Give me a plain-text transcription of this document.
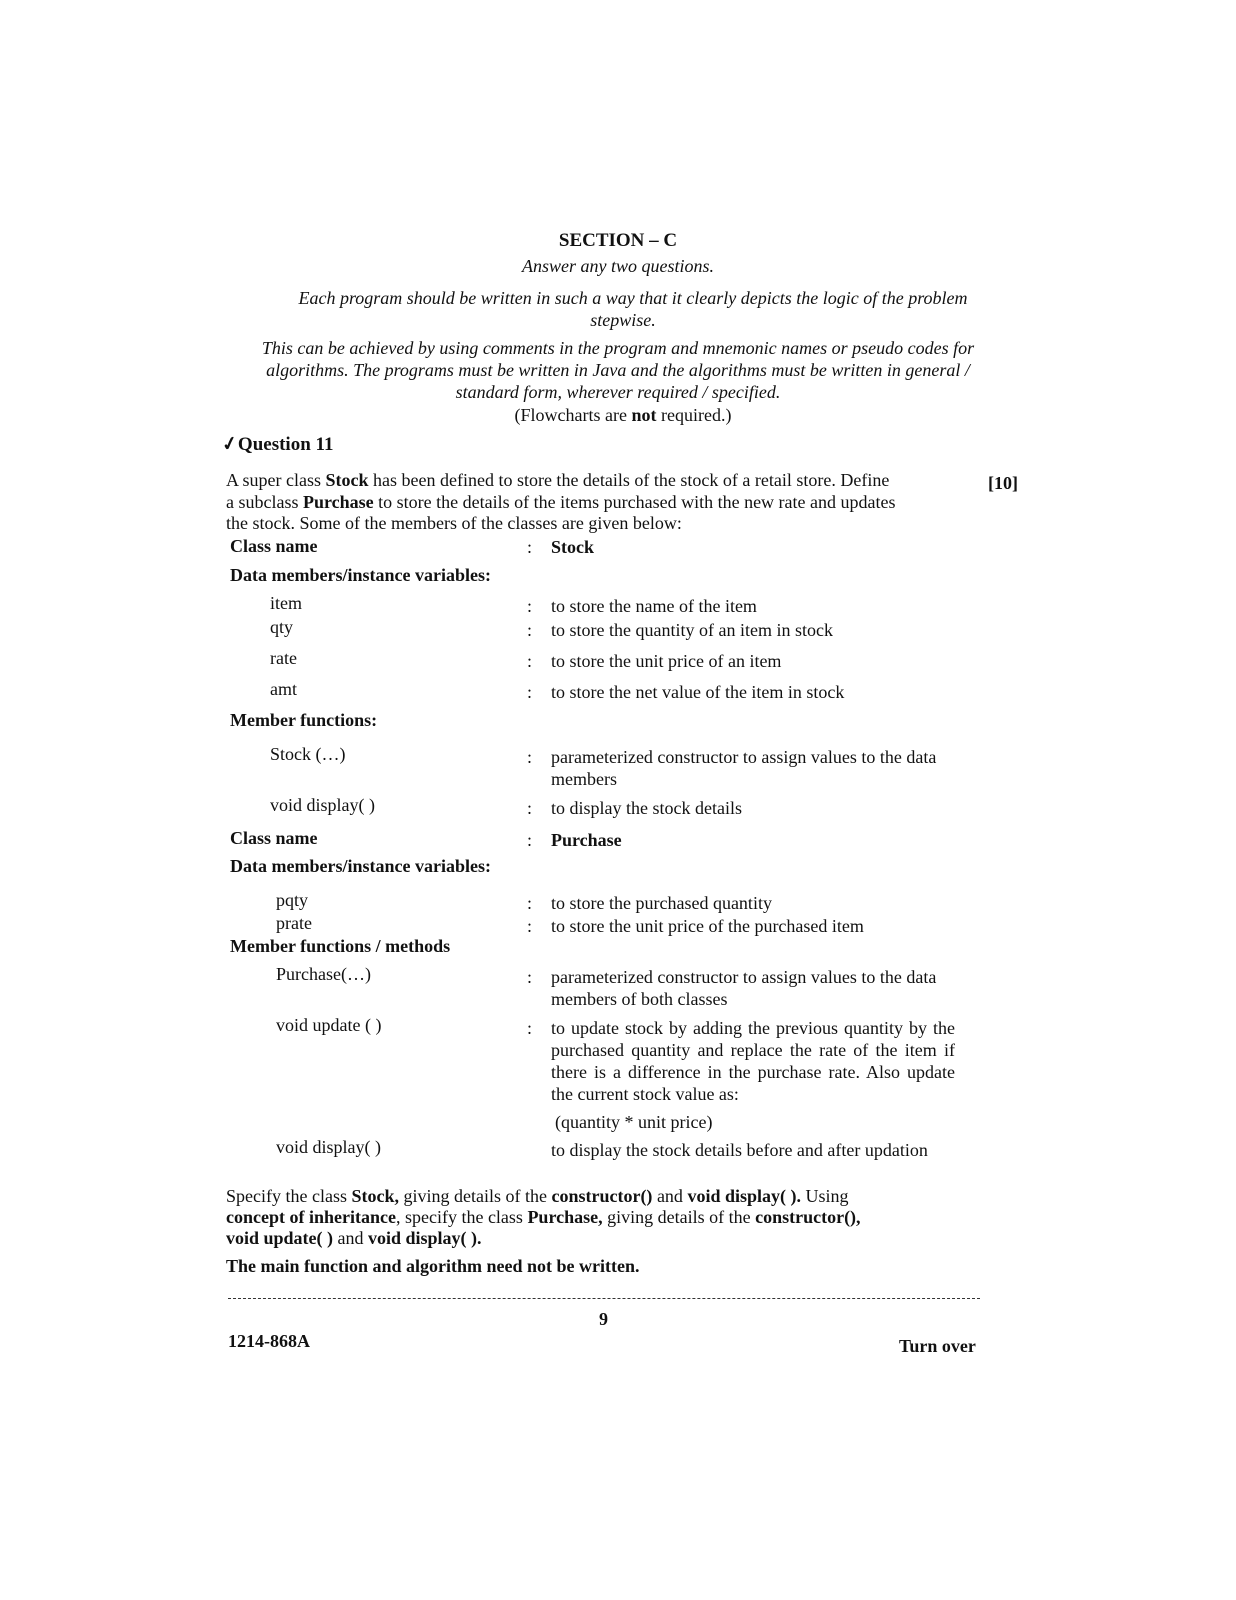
SECTION – C
Answer any two questions.
Each program should be written in such a way that it clearly depicts the logic of the problem
stepwise.
This can be achieved by using comments in the program and mnemonic names or pseudo codes for
algorithms. The programs must be written in Java and the algorithms must be written in general /
standard form, wherever required / specified.
(Flowcharts are not required.)
✓Question 11
[10]
A super class Stock has been defined to store the details of the stock of a retail store. Define
a subclass Purchase to store the details of the items purchased with the new rate and updates
the stock. Some of the members of the classes are given below:
Class name	: Stock
Data members/instance variables:
item	: to store the name of the item
qty	: to store the quantity of an item in stock
rate	: to store the unit price of an item
amt	: to store the net value of the item in stock
Member functions:
Stock (…)	: parameterized constructor to assign values to the data members
void display( )	: to display the stock details
Class name	: Purchase
Data members/instance variables:
pqty	: to store the purchased quantity
prate	: to store the unit price of the purchased item
Member functions / methods
Purchase(…)	: parameterized constructor to assign values to the data members of both classes
void update ( )	: to update stock by adding the previous quantity by the purchased quantity and replace the rate of the item if there is a difference in the purchase rate. Also update the current stock value as:
(quantity * unit price)
void display( )	to display the stock details before and after updation
Specify the class Stock, giving details of the constructor() and void display( ). Using
concept of inheritance, specify the class Purchase, giving details of the constructor(),
void update( ) and void display( ).
The main function and algorithm need not be written.
9
1214-868A	Turn over
